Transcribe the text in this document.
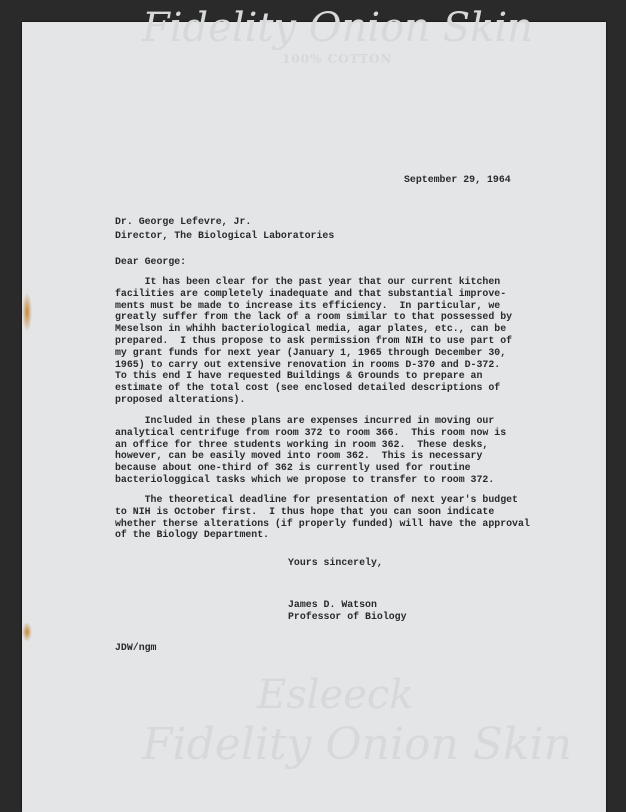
Fidelity Onion Skin
100% COTTON
Esleeck
Fidelity Onion Skin
September 29, 1964
Dr. George Lefevre, Jr.
Director, The Biological Laboratories
Dear George:
It has been clear for the past year that our current kitchen
facilities are completely inadequate and that substantial improve-
ments must be made to increase its efficiency.  In particular, we
greatly suffer from the lack of a room similar to that possessed by
Meselson in whihh bacteriological media, agar plates, etc., can be
prepared.  I thus propose to ask permission from NIH to use part of
my grant funds for next year (January 1, 1965 through December 30,
1965) to carry out extensive renovation in rooms D-370 and D-372.
To this end I have requested Buildings & Grounds to prepare an
estimate of the total cost (see enclosed detailed descriptions of
proposed alterations).
Included in these plans are expenses incurred in moving our
analytical centrifuge from room 372 to room 366.  This room now is
an office for three students working in room 362.  These desks,
however, can be easily moved into room 362.  This is necessary
because about one-third of 362 is currently used for routine
bacteriologgical tasks which we propose to transfer to room 372.
The theoretical deadline for presentation of next year's budget
to NIH is October first.  I thus hope that you can soon indicate
whether therse alterations (if properly funded) will have the approval
of the Biology Department.
Yours sincerely,
James D. Watson
Professor of Biology
JDW/ngm
